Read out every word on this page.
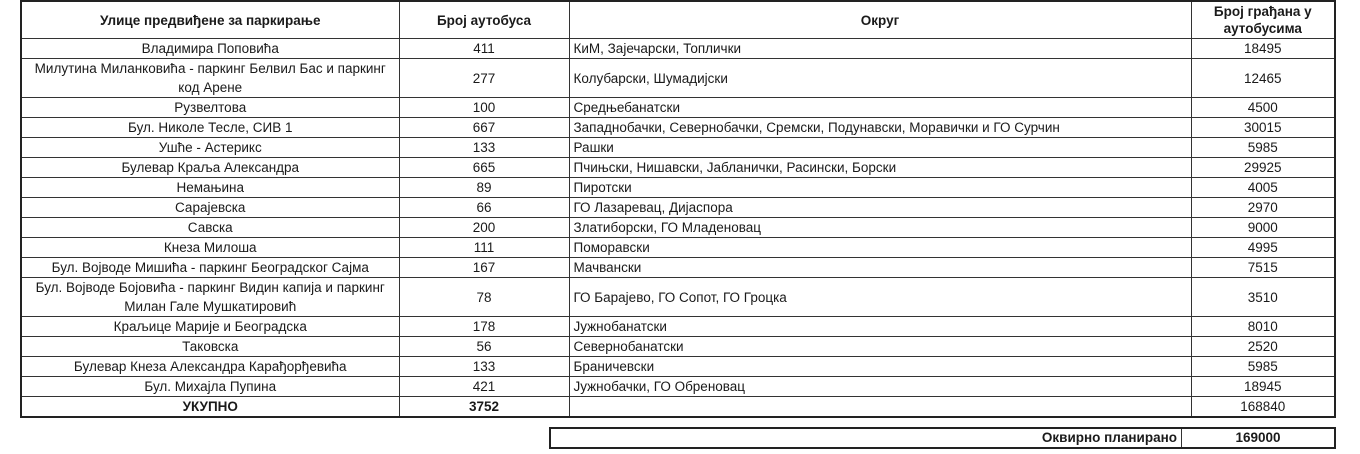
Улице предвиђене за паркирање	Број аутобуса	Округ	Број грађана у аутобусима
Владимира Поповића	411	КиМ, Зајечарски, Топлички	18495
Милутина Миланковића - паркинг Белвил Бас и паркинг код Арене	277	Колубарски, Шумадијски	12465
Рузвелтова	100	Средњебанатски	4500
Бул. Николе Тесле, СИВ 1	667	Западнобачки, Севернобачки, Сремски, Подунавски, Моравички и ГО Сурчин	30015
Ушће - Астерикс	133	Рашки	5985
Булевар Краља Александра	665	Пчињски, Нишавски, Јабланички, Расински, Борски	29925
Немањина	89	Пиротски	4005
Сарајевска	66	ГО Лазаревац, Дијаспора	2970
Савска	200	Златиборски, ГО Младеновац	9000
Кнеза Милоша	111	Поморавски	4995
Бул. Војводе Мишића - паркинг Београдског Сајма	167	Мачвански	7515
Бул. Војводе Бојовића - паркинг Видин капија и паркинг Милан Гале Мушкатировић	78	ГО Барајево, ГО Сопот, ГО Гроцка	3510
Краљице Марије и Београдска	178	Јужнобанатски	8010
Таковска	56	Севернобанатски	2520
Булевар Кнеза Александра Карађорђевића	133	Браничевски	5985
Бул. Михајла Пупина	421	Јужнобачки, ГО Обреновац	18945
УКУПНО	3752		168840
Оквирно планирано	169000
